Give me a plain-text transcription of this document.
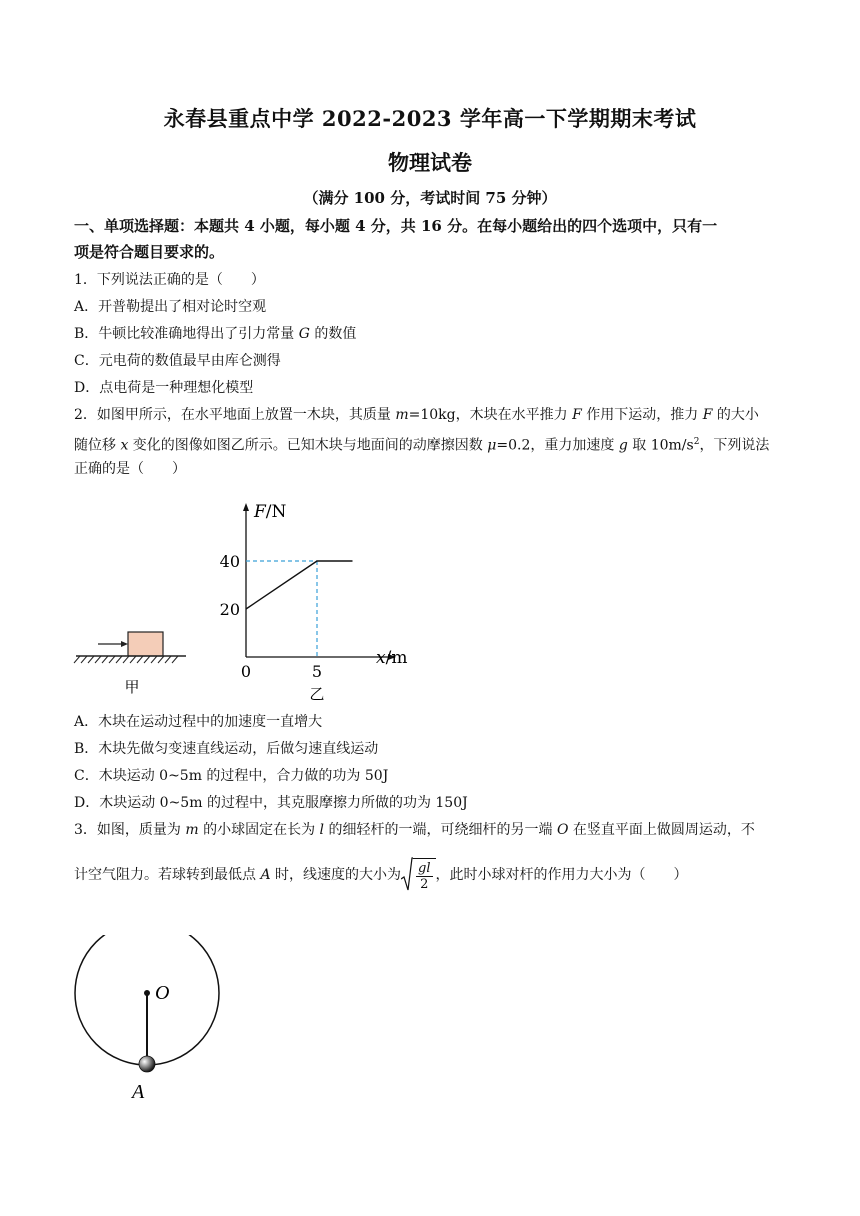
永春县重点中学 2022-2023 学年高一下学期期末考试
物理试卷
（满分 100 分，考试时间 75 分钟）
一、单项选择题：本题共 4 小题，每小题 4 分，共 16 分。在每小题给出的四个选项中，只有一
项是符合题目要求的。
1．下列说法正确的是（　　）
A．开普勒提出了相对论时空观
B．牛顿比较准确地得出了引力常量 G 的数值
C．元电荷的数值最早由库仑测得
D．点电荷是一种理想化模型
2．如图甲所示，在水平地面上放置一木块，其质量 m=10kg，木块在水平推力 F 作用下运动，推力 F 的大小
随位移 x 变化的图像如图乙所示。已知木块与地面间的动摩擦因数 μ=0.2，重力加速度 g 取 $10m/s^2$，下列说法
正确的是（　　）
甲
20
40
0	5
F/N
x/m
乙
A．木块在运动过程中的加速度一直增大
B．木块先做匀变速直线运动，后做匀速直线运动
C．木块运动 0~5m 的过程中，合力做的功为 50J
D．木块运动 0~5m 的过程中，其克服摩擦力所做的功为 150J
3．如图，质量为 m 的小球固定在长为 l 的细轻杆的一端，可绕细杆的另一端 O 在竖直平面上做圆周运动，不
计空气阻力。若球转到最低点 A 时，线速度的大小为 $\frac{gl}{2}$ ，此时小球对杆的作用力大小为（　　）
O
A
